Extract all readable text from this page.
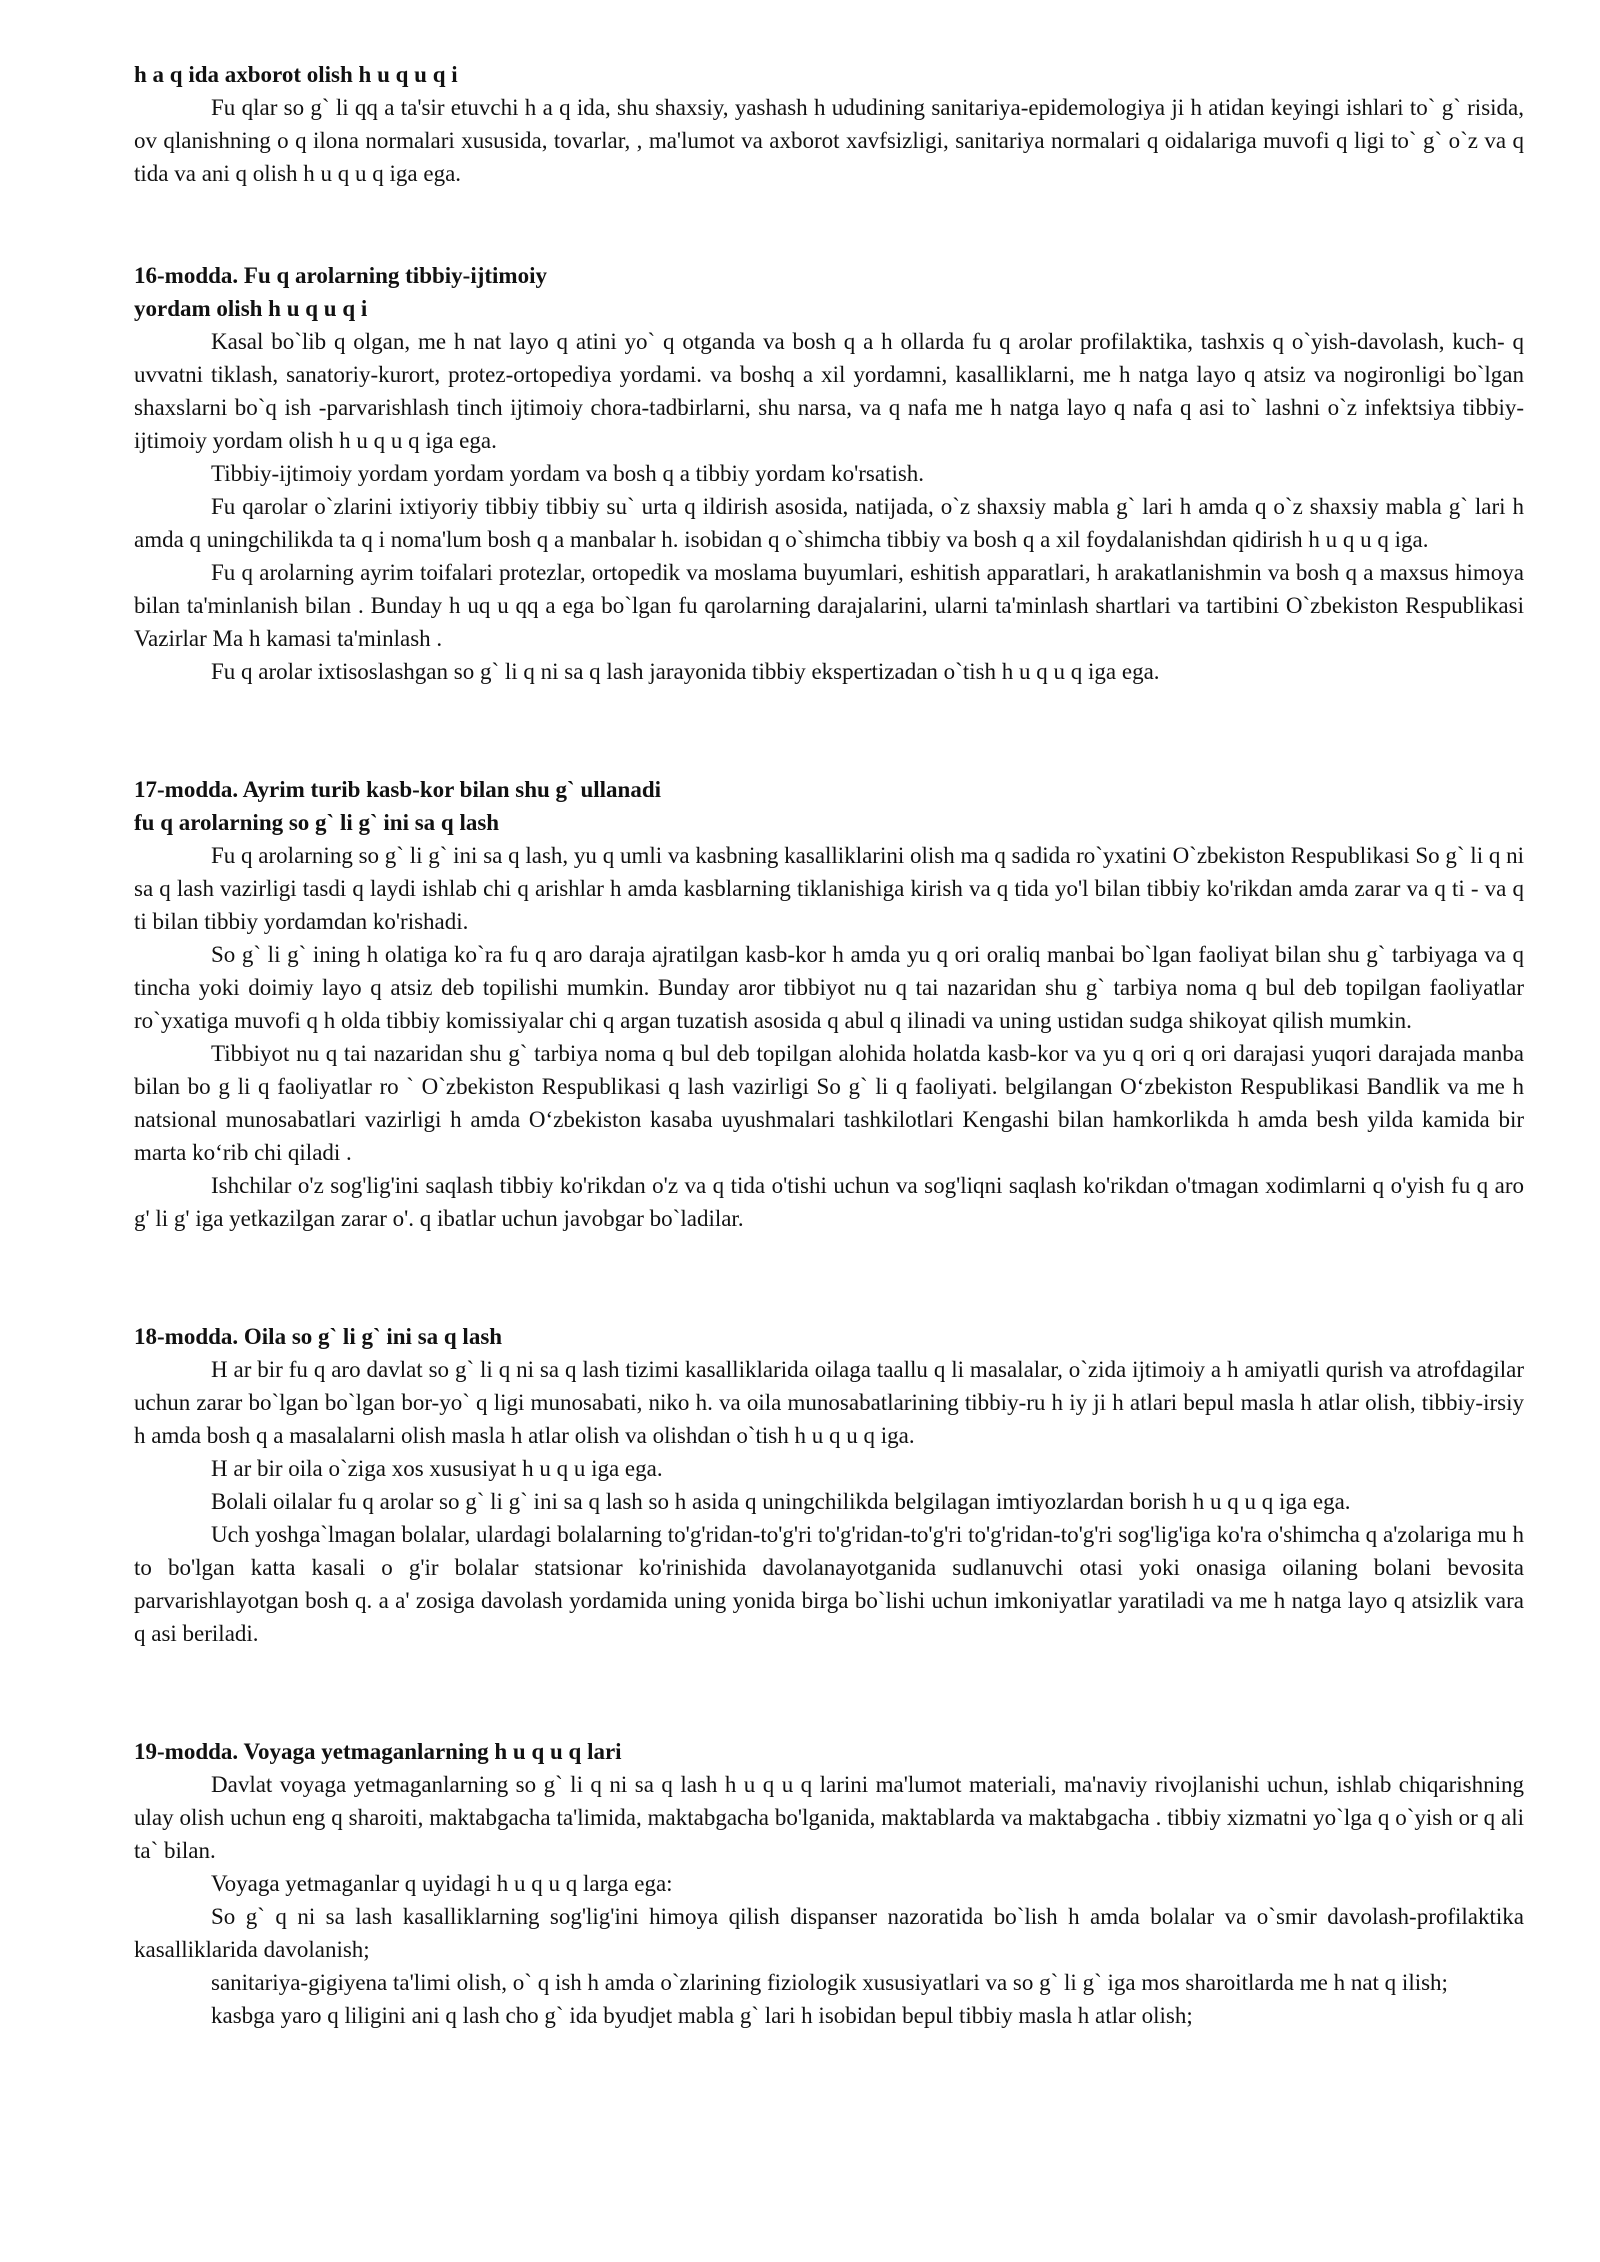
h a q ida axborot olish h u q u q i

Fu qlar so g` li qq a ta'sir etuvchi h a q ida, shu shaxsiy, yashash h ududining sanitariya-epidemologiya ji h atidan keyingi ishlari to` g` risida, ov qlanishning o q ilona normalari xususida, tovarlar, , ma'lumot va axborot xavfsizligi, sanitariya normalari q oidalariga muvofi q ligi to` g` o`z va q tida va ani q olish h u q u q iga ega.

16-modda. Fu q arolarning tibbiy-ijtimoiy
yordam olish h u q u q i

Kasal bo`lib q olgan, me h nat layo q atini yo` q otganda va bosh q a h ollarda fu q arolar profilaktika, tashxis q o`yish-davolash, kuch- q uvvatni tiklash, sanatoriy-kurort, protez-ortopediya yordami. va boshq a xil yordamni, kasalliklarni, me h natga layo q atsiz va nogironligi bo`lgan shaxslarni bo`q ish -parvarishlash tinch ijtimoiy chora-tadbirlarni, shu narsa, va q nafa me h natga layo q nafa q asi to` lashni o`z infektsiya tibbiy-ijtimoiy yordam olish h u q u q iga ega.

Tibbiy-ijtimoiy yordam yordam yordam va bosh q a tibbiy yordam ko'rsatish.

Fu qarolar o`zlarini ixtiyoriy tibbiy tibbiy su` urta q ildirish asosida, natijada, o`z shaxsiy mabla g` lari h amda q o`z shaxsiy mabla g` lari h amda q uningchilikda ta q i noma'lum bosh q a manbalar h. isobidan q o`shimcha tibbiy va bosh q a xil foydalanishdan qidirish h u q u q iga.

Fu q arolarning ayrim toifalari protezlar, ortopedik va moslama buyumlari, eshitish apparatlari, h arakatlanishmin va bosh q a maxsus himoya bilan ta'minlanish bilan . Bunday h uq u qq a ega bo`lgan fu qarolarning darajalarini, ularni ta'minlash shartlari va tartibini O`zbekiston Respublikasi Vazirlar Ma h kamasi ta'minlash .

Fu q arolar ixtisoslashgan so g` li q ni sa q lash jarayonida tibbiy ekspertizadan o`tish h u q u q iga ega.

17-modda. Ayrim turib kasb-kor bilan shu g` ullanadi
fu q arolarning so g` li g` ini sa q lash

Fu q arolarning so g` li g` ini sa q lash, yu q umli va kasbning kasalliklarini olish ma q sadida ro`yxatini O`zbekiston Respublikasi So g` li q ni sa q lash vazirligi tasdi q laydi ishlab chi q arishlar h amda kasblarning tiklanishiga kirish va q tida yo'l bilan tibbiy ko'rikdan amda zarar va q ti - va q ti bilan tibbiy yordamdan ko'rishadi.

So g` li g` ining h olatiga ko`ra fu q aro daraja ajratilgan kasb-kor h amda yu q ori oraliq manbai bo`lgan faoliyat bilan shu g` tarbiyaga va q tincha yoki doimiy layo q atsiz deb topilishi mumkin. Bunday aror tibbiyot nu q tai nazaridan shu g` tarbiya noma q bul deb topilgan faoliyatlar ro`yxatiga muvofi q h olda tibbiy komissiyalar chi q argan tuzatish asosida q abul q ilinadi va uning ustidan sudga shikoyat qilish mumkin.

Tibbiyot nu q tai nazaridan shu g` tarbiya noma q bul deb topilgan alohida holatda kasb-kor va yu q ori q ori darajasi yuqori darajada manba bilan bo g li q faoliyatlar ro ` O`zbekiston Respublikasi q lash vazirligi So g` li q faoliyati. belgilangan O‘zbekiston Respublikasi Bandlik va me h natsional munosabatlari vazirligi h amda O‘zbekiston kasaba uyushmalari tashkilotlari Kengashi bilan hamkorlikda h amda besh yilda kamida bir marta ko‘rib chi qiladi .

Ishchilar o'z sog'lig'ini saqlash tibbiy ko'rikdan o'z va q tida o'tishi uchun va sog'liqni saqlash ko'rikdan o'tmagan xodimlarni q o'yish fu q aro g' li g' iga yetkazilgan zarar o'. q ibatlar uchun javobgar bo`ladilar.

18-modda. Oila so g` li g` ini sa q lash

H ar bir fu q aro davlat so g` li q ni sa q lash tizimi kasalliklarida oilaga taallu q li masalalar, o`zida ijtimoiy a h amiyatli qurish va atrofdagilar uchun zarar bo`lgan bo`lgan bor-yo` q ligi munosabati, niko h. va oila munosabatlarining tibbiy-ru h iy ji h atlari bepul masla h atlar olish, tibbiy-irsiy h amda bosh q a masalalarni olish masla h atlar olish va olishdan o`tish h u q u q iga.

H ar bir oila o`ziga xos xususiyat h u q u iga ega.

Bolali oilalar fu q arolar so g` li g` ini sa q lash so h asida q uningchilikda belgilagan imtiyozlardan borish h u q u q iga ega.

Uch yoshga`lmagan bolalar, ulardagi bolalarning to'g'ridan-to'g'ri to'g'ridan-to'g'ri to'g'ridan-to'g'ri sog'lig'iga ko'ra o'shimcha q a'zolariga mu h to bo'lgan katta kasali o g'ir bolalar statsionar ko'rinishida davolanayotganida sudlanuvchi otasi yoki onasiga oilaning bolani bevosita parvarishlayotgan bosh q. a a' zosiga davolash yordamida uning yonida birga bo`lishi uchun imkoniyatlar yaratiladi va me h natga layo q atsizlik vara q asi beriladi.

19-modda. Voyaga yetmaganlarning h u q u q lari

Davlat voyaga yetmaganlarning so g` li q ni sa q lash h u q u q larini ma'lumot materiali, ma'naviy rivojlanishi uchun, ishlab chiqarishning ulay olish uchun eng q sharoiti, maktabgacha ta'limida, maktabgacha bo'lganida, maktablarda va maktabgacha . tibbiy xizmatni yo`lga q o`yish or q ali ta` bilan.

Voyaga yetmaganlar q uyidagi h u q u q larga ega:

So g` q ni sa lash kasalliklarning sog'lig'ini himoya qilish dispanser nazoratida bo`lish h amda bolalar va o`smir davolash-profilaktika kasalliklarida davolanish;

sanitariya-gigiyena ta'limi olish, o` q ish h amda o`zlarining fiziologik xususiyatlari va so g` li g` iga mos sharoitlarda me h nat q ilish;

kasbga yaro q liligini ani q lash cho g` ida byudjet mabla g` lari h isobidan bepul tibbiy masla h atlar olish;
